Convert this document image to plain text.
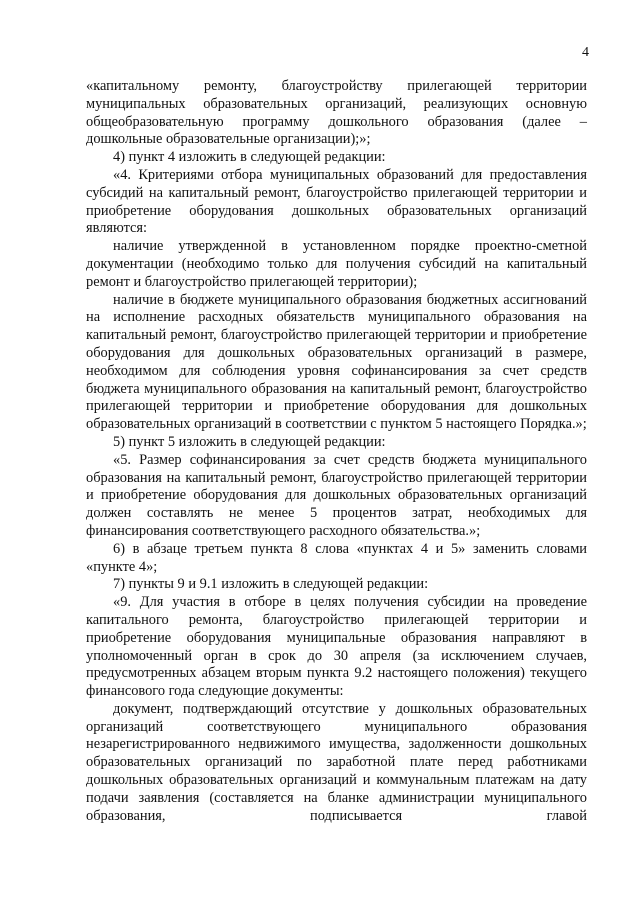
4

«капитальному ремонту, благоустройству прилегающей территории муниципальных образовательных организаций, реализующих основную общеобразовательную программу дошкольного образования (далее – дошкольные образовательные организации);»;

4) пункт 4 изложить в следующей редакции:

«4. Критериями отбора муниципальных образований для предоставления субсидий на капитальный ремонт, благоустройство прилегающей территории и приобретение оборудования дошкольных образовательных организаций являются:

наличие утвержденной в установленном порядке проектно-сметной документации (необходимо только для получения субсидий на капитальный ремонт и благоустройство прилегающей территории);

наличие в бюджете муниципального образования бюджетных ассигнований на исполнение расходных обязательств муниципального образования на капитальный ремонт, благоустройство прилегающей территории и приобретение оборудования для дошкольных образовательных организаций в размере, необходимом для соблюдения уровня софинансирования за счет средств бюджета муниципального образования на капитальный ремонт, благоустройство прилегающей территории и приобретение оборудования для дошкольных образовательных организаций в соответствии с пунктом 5 настоящего Порядка.»;

5) пункт 5 изложить в следующей редакции:

«5. Размер софинансирования за счет средств бюджета муниципального образования на капитальный ремонт, благоустройство прилегающей территории и приобретение оборудования для дошкольных образовательных организаций должен составлять не менее 5 процентов затрат, необходимых для финансирования соответствующего расходного обязательства.»;

6) в абзаце третьем пункта 8 слова «пунктах 4 и 5» заменить словами «пункте 4»;

7) пункты 9 и 9.1 изложить в следующей редакции:

«9. Для участия в отборе в целях получения субсидии на проведение капитального ремонта, благоустройство прилегающей территории и приобретение оборудования муниципальные образования направляют в уполномоченный орган в срок до 30 апреля (за исключением случаев, предусмотренных абзацем вторым пункта 9.2 настоящего положения) текущего финансового года следующие документы:

документ, подтверждающий отсутствие у дошкольных образовательных организаций соответствующего муниципального образования незарегистрированного недвижимого имущества, задолженности дошкольных образовательных организаций по заработной плате перед работниками дошкольных образовательных организаций и коммунальным платежам на дату подачи заявления (составляется на бланке администрации муниципального образования, подписывается главой
